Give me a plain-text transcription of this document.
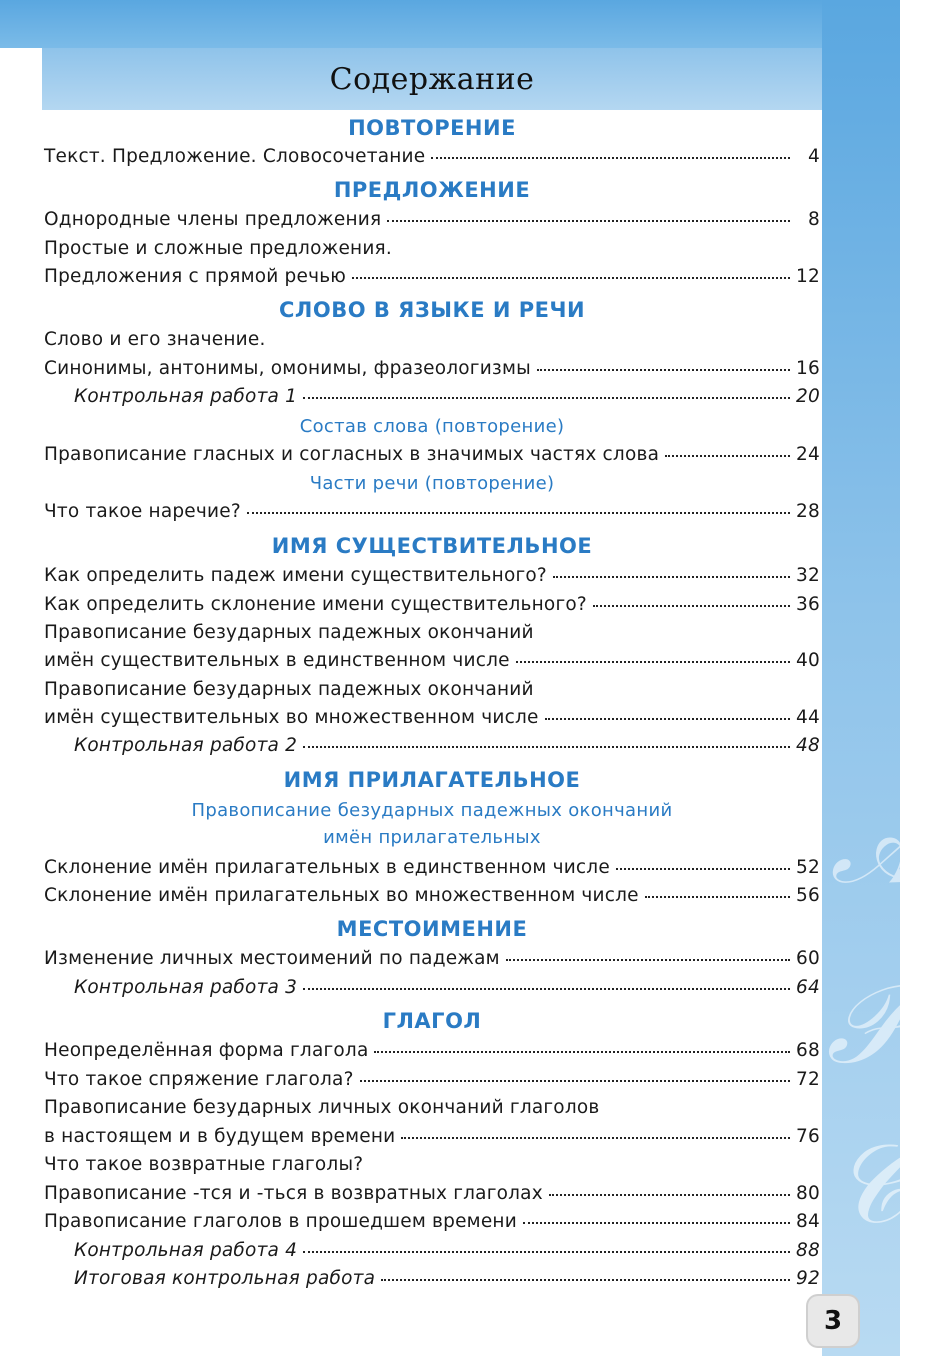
𝒜
𝒫
𝒞
Содержание
ПОВТОРЕНИЕ
Текст. Предложение. Словосочетание	4
ПРЕДЛОЖЕНИЕ
Однородные члены предложения	8
Простые и сложные предложения.
Предложения с прямой речью	12
СЛОВО В ЯЗЫКЕ И РЕЧИ
Слово и его значение.
Синонимы, антонимы, омонимы, фразеологизмы	16
Контрольная работа 1	20
Состав слова (повторение)
Правописание гласных и согласных в значимых частях слова	24
Части речи (повторение)
Что такое наречие?	28
ИМЯ СУЩЕСТВИТЕЛЬНОЕ
Как определить падеж имени существительного?	32
Как определить склонение имени существительного?	36
Правописание безударных падежных окончаний
имён существительных в единственном числе	40
Правописание безударных падежных окончаний
имён существительных во множественном числе	44
Контрольная работа 2	48
ИМЯ ПРИЛАГАТЕЛЬНОЕ
Правописание безударных падежных окончаний
имён прилагательных
Склонение имён прилагательных в единственном числе	52
Склонение имён прилагательных во множественном числе	56
МЕСТОИМЕНИЕ
Изменение личных местоимений по падежам	60
Контрольная работа 3	64
ГЛАГОЛ
Неопределённая форма глагола	68
Что такое спряжение глагола?	72
Правописание безударных личных окончаний глаголов
в настоящем и в будущем времени	76
Что такое возвратные глаголы?
Правописание -тся и -ться в возвратных глаголах	80
Правописание глаголов в прошедшем времени	84
Контрольная работа 4	88
Итоговая контрольная работа	92
3
